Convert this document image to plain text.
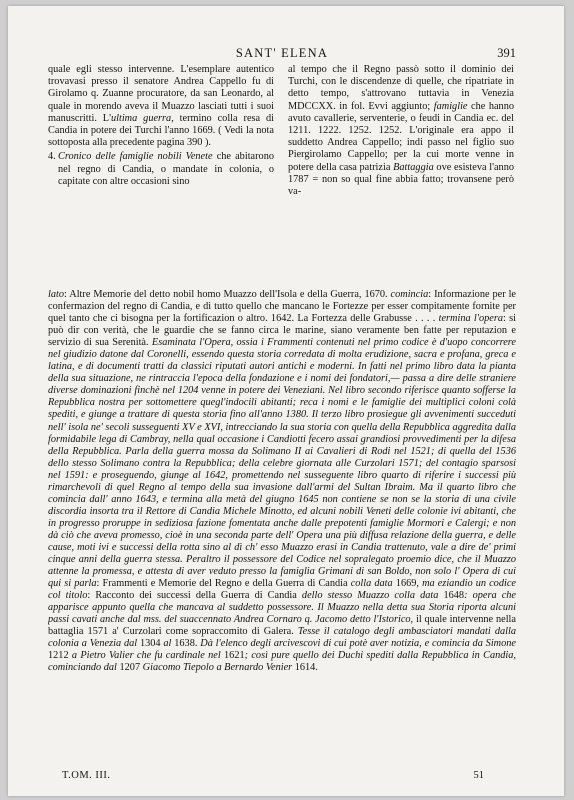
SANT' ELENA	391

quale egli stesso intervenne. L'esemplare autentico trovavasi presso il senatore Andrea Cappello fu di Girolamo q. Zuanne procuratore, da san Leonardo, al quale in morendo aveva il Muazzo lasciati tutti i suoi manuscritti. L'ultima guerra, termino colla resa di Candia in potere dei Turchi l'anno 1669. ( Vedi la nota sottoposta alla precedente pagina 390 ).

4. Cronico delle famiglie nobili Venete che abitarono nel regno di Candia, o mandate in colonia, o capitate con altre occasioni sino

al tempo che il Regno passò sotto il dominio dei Turchi, con le discendenze di quelle, che ripatriate in detto tempo, s'attrovano tuttavia in Venezia MDCCXX. in fol. Evvi aggiunto; famiglie che hanno avuto cavallerie, serventerie, o feudi in Candia ec. del 1211. 1222. 1252. 1252. L'originale era appo il suddetto Andrea Cappello; indi passo nel figlio suo Piergirolamo Cappello; per la cui morte venne in potere della casa patrizia Battaggia ove esisteva l'anno 1787 = non so qual fine abbia fatto; trovansene però va-

lato: Altre Memorie del detto nobil homo Muazzo dell'Isola e della Guerra, 1670. comincia: Informazione per le confermazion del regno di Candia, e di tutto quello che mancano le Fortezze per esser compitamente fornite per quel tanto che ci bisogna per la fortificazion o altro. 1642. La Fortezza delle Grabusse . . . . termina l'opera: si può dir con verità, che le guardie che se fanno circa le marine, siano veramente ben fatte per reputazion e servizio di sua Serenità. Esaminata l'Opera, ossia i Frammenti contenuti nel primo codice è d'uopo concorrere nel giudizio datone dal Coronelli, essendo questa storia corredata di molta erudizione, sacra e profana, greca e latina, e di documenti tratti da classici riputati autori antichi e moderni. In fatti nel primo libro data la pianta della sua situazione, ne rintraccia l'epoca della fondazione e i nomi dei fondatori,— passa a dire delle straniere diverse dominazioni finchè nel 1204 venne in potere dei Veneziani. Nel libro secondo riferisce quanto sofferse la Repubblica nostra per sottomettere quegl'indocili abitanti; reca i nomi e le famiglie dei multiplici coloni colà spediti, e giunge a trattare di questa storia fino all'anno 1380. Il terzo libro prosiegue gli avvenimenti succeduti nell' isola ne' secoli susseguenti XV e XVI, intrecciando la sua storia con quella della Repubblica aggredita dalla formidabile lega di Cambray, nella qual occasione i Candiotti fecero assai grandiosi provvedimenti per la difesa della Repubblica. Parla della guerra mossa da Solimano II ai Cavalieri di Rodi nel 1521; di quella del 1536 dello stesso Solimano contra la Repubblica; della celebre giornata alle Curzolari 1571; del contagio sparsosi nel 1591: e proseguendo, giunge al 1642, promettendo nel susseguente libro quarto di riferire i successi più rimarchevoli di quel Regno al tempo della sua invasione dall'armi del Sultan Ibraim. Ma il quarto libro che comincia dall' anno 1643, e termina alla metà del giugno 1645 non contiene se non se la storia di una civile discordia insorta tra il Rettore di Candia Michele Minotto, ed alcuni nobili Veneti delle colonie ivi abitanti, che in progresso proruppe in sediziosa fazione fomentata anche dalle prepotenti famiglie Mormori e Calergi; e non dà ciò che aveva promesso, cioè in una seconda parte dell' Opera una più diffusa relazione della guerra, e delle cause, moti ivi e successi della rotta sino al dì ch' esso Muazzo erasi in Candia trattenuto, vale a dire de' primi cinque anni della guerra stessa. Peraltro il possessore del Codice nel sopralegato proemio dice, che il Muazzo attenne la promessa, e attesta di aver veduto presso la famiglia Grimani di san Boldo, non solo l' Opera di cui qui si parla: Frammenti e Memorie del Regno e della Guerra di Candia colla data 1669, ma eziandio un codice col titolo: Racconto dei successi della Guerra di Candia dello stesso Muazzo colla data 1648: opera che apparisce appunto quella che mancava al suddetto possessore. Il Muazzo nella detta sua Storia riporta alcuni passi cavati anche dal mss. del suaccennato Andrea Cornaro q. Jacomo detto l'Istorico, il quale intervenne nella battaglia 1571 a' Curzolari come sopraccomito di Galera. Tesse il catalogo degli ambasciatori mandati dalla colonia a Venezia dal 1304 al 1638. Dà l'elenco degli arcivescovi di cui potè aver notizia, e comincia da Simone 1212 a Pietro Valier che fu cardinale nel 1621; così pure quello dei Duchi spediti dalla Repubblica in Candia, cominciando dal 1207 Giacomo Tiepolo a Bernardo Venier 1614.

T.OM. III.	51
